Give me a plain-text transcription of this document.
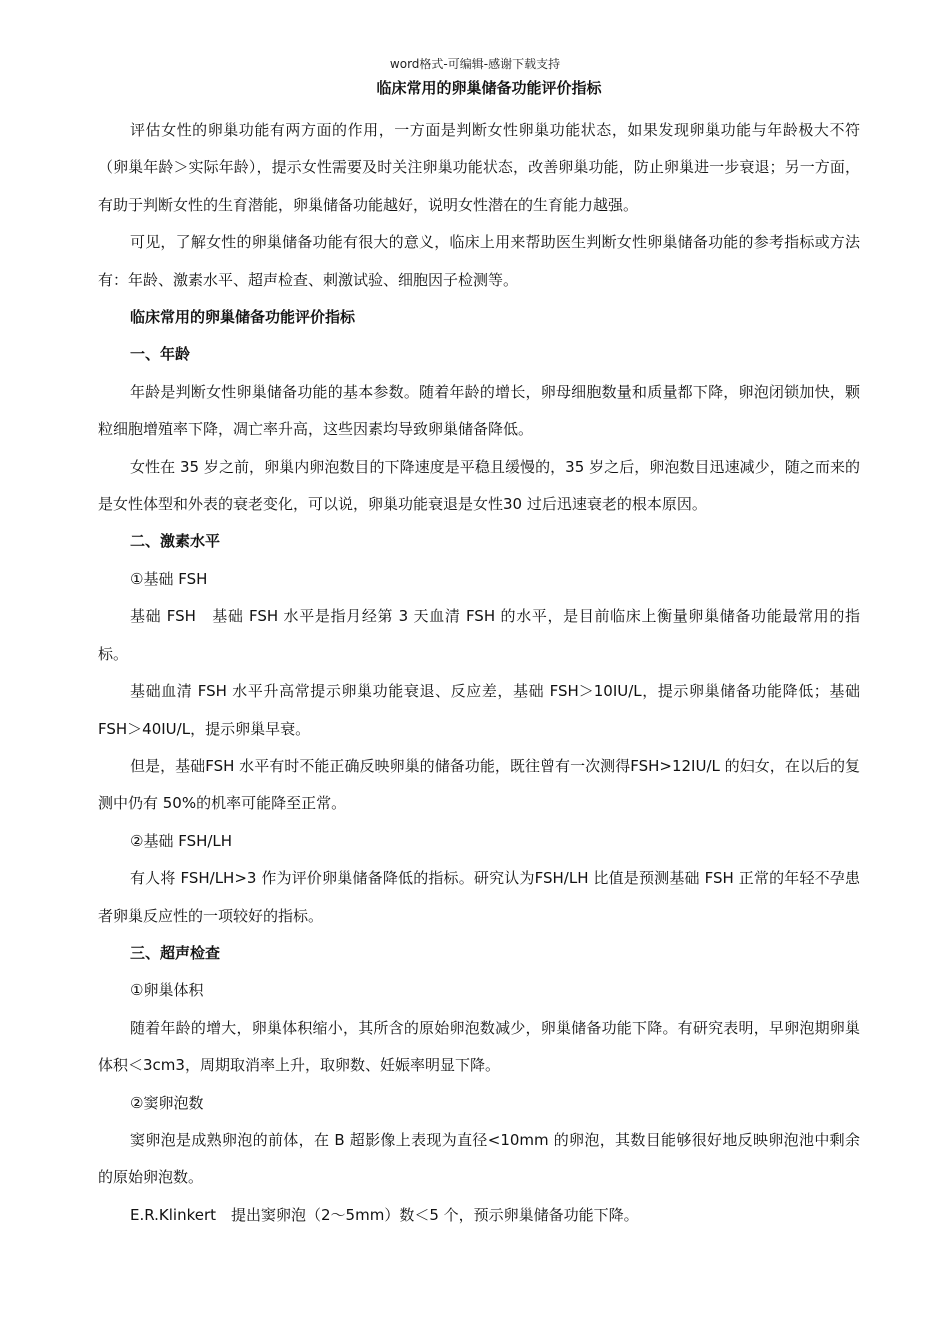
word格式-可编辑-感谢下载支持
临床常用的卵巢储备功能评价指标

评估女性的卵巢功能有两方面的作用，一方面是判断女性卵巢功能状态，如果发现卵巢功能与年龄极大不符（卵巢年龄＞实际年龄），提示女性需要及时关注卵巢功能状态，改善卵巢功能，防止卵巢进一步衰退；另一方面，有助于判断女性的生育潜能，卵巢储备功能越好，说明女性潜在的生育能力越强。

可见，了解女性的卵巢储备功能有很大的意义，临床上用来帮助医生判断女性卵巢储备功能的参考指标或方法有：年龄、激素水平、超声检查、刺激试验、细胞因子检测等。

临床常用的卵巢储备功能评价指标

一、年龄

年龄是判断女性卵巢储备功能的基本参数。随着年龄的增长，卵母细胞数量和质量都下降，卵泡闭锁加快，颗粒细胞增殖率下降，凋亡率升高，这些因素均导致卵巢储备降低。

女性在 35 岁之前，卵巢内卵泡数目的下降速度是平稳且缓慢的，35 岁之后，卵泡数目迅速减少，随之而来的是女性体型和外表的衰老变化，可以说，卵巢功能衰退是女性30 过后迅速衰老的根本原因。

二、激素水平

①基础 FSH

基础 FSH　基础 FSH 水平是指月经第 3 天血清 FSH 的水平，是目前临床上衡量卵巢储备功能最常用的指标。

基础血清 FSH 水平升高常提示卵巢功能衰退、反应差，基础 FSH＞10IU/L，提示卵巢储备功能降低；基础 FSH＞40IU/L，提示卵巢早衰。

但是，基础FSH 水平有时不能正确反映卵巢的储备功能，既往曾有一次测得FSH>12IU/L 的妇女，在以后的复测中仍有 50%的机率可能降至正常。

②基础 FSH/LH

有人将 FSH/LH>3 作为评价卵巢储备降低的指标。研究认为FSH/LH 比值是预测基础 FSH 正常的年轻不孕患者卵巢反应性的一项较好的指标。

三、超声检查

①卵巢体积

随着年龄的增大，卵巢体积缩小，其所含的原始卵泡数减少，卵巢储备功能下降。有研究表明，早卵泡期卵巢体积＜3cm3，周期取消率上升，取卵数、妊娠率明显下降。

②窦卵泡数

窦卵泡是成熟卵泡的前体，在 B 超影像上表现为直径<10mm 的卵泡，其数目能够很好地反映卵泡池中剩余的原始卵泡数。

E.R.Klinkert　提出窦卵泡（2～5mm）数＜5 个，预示卵巢储备功能下降。
